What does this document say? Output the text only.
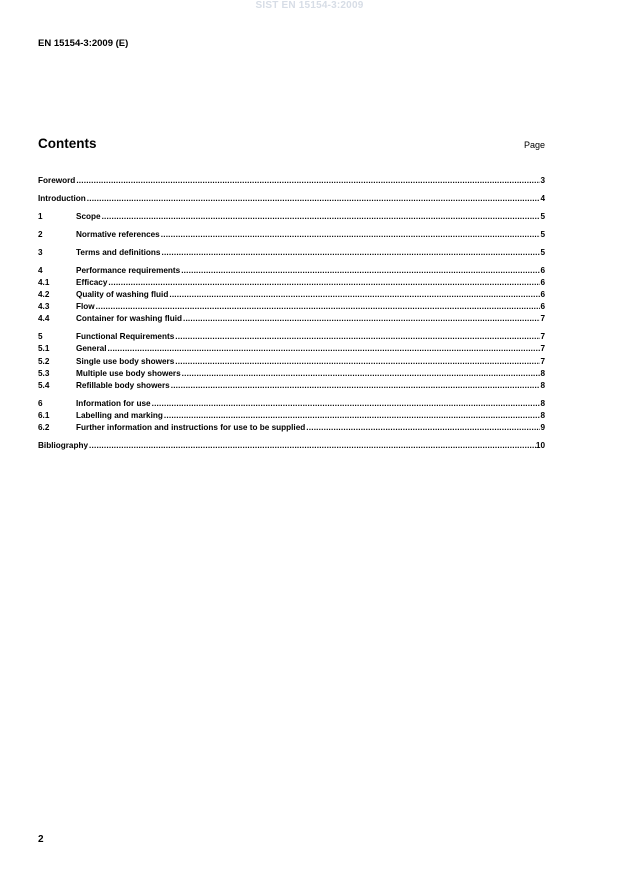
SIST EN 15154-3:2009
EN 15154-3:2009 (E)
Contents	Page
Foreword .....	3
Introduction .....	4
1	Scope .....	5
2	Normative references .....	5
3	Terms and definitions .....	5
4	Performance requirements .....	6
4.1	Efficacy .....	6
4.2	Quality of washing fluid .....	6
4.3	Flow .....	6
4.4	Container for washing fluid .....	7
5	Functional Requirements .....	7
5.1	General .....	7
5.2	Single use body showers .....	7
5.3	Multiple use body showers .....	8
5.4	Refillable body showers .....	8
6	Information for use .....	8
6.1	Labelling and marking .....	8
6.2	Further information and instructions for use to be supplied .....	9
Bibliography .....	10
2
